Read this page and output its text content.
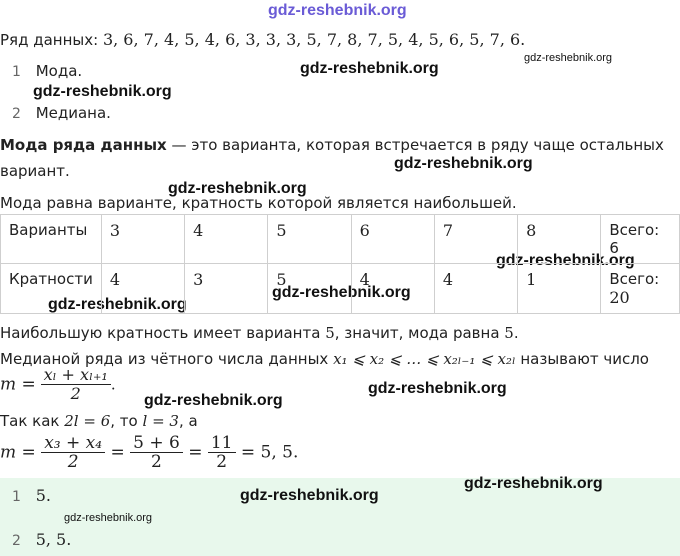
gdz-reshebnik.org
gdz-reshebnik.org
gdz-reshebnik.org
gdz-reshebnik.org
gdz-reshebnik.org
gdz-reshebnik.org
gdz-reshebnik.org
gdz-reshebnik.org
gdz-reshebnik.org
gdz-reshebnik.org
gdz-reshebnik.org
Ряд данных: 3, 6, 7, 4, 5, 4, 6, 3, 3, 3, 5, 7, 8, 7, 5, 4, 5, 6, 5, 7, 6.
1 Мода.
2 Медиана.
Мода ряда данных — это варианта, которая встречается в ряду чаще остальных
вариант.
Мода равна варианте, кратность которой является наибольшей.
Варианты	3	4	5	6	7	8	Всего: 6
Кратности	4	3	5	4	4	1	Всего:
20
Наибольшую кратность имеет варианта 5, значит, мода равна 5.
Медианой ряда из чётного числа данных x₁ ⩽ x₂ ⩽ … ⩽ x₂ₗ₋₁ ⩽ x₂ₗ называют число
$m = \frac{\text{xₗ + xₗ₊₁}}{2}$ .
Так как 2l = 6, то l = 3, а
$m = \frac{\text{x₃ + x₄}}{2} = \frac{5 + 6}{2} = \frac{11}{2} = 5$, 5.
1 5.
2 5, 5.
gdz-reshebnik.org
gdz-reshebnik.org
gdz-reshebnik.org
